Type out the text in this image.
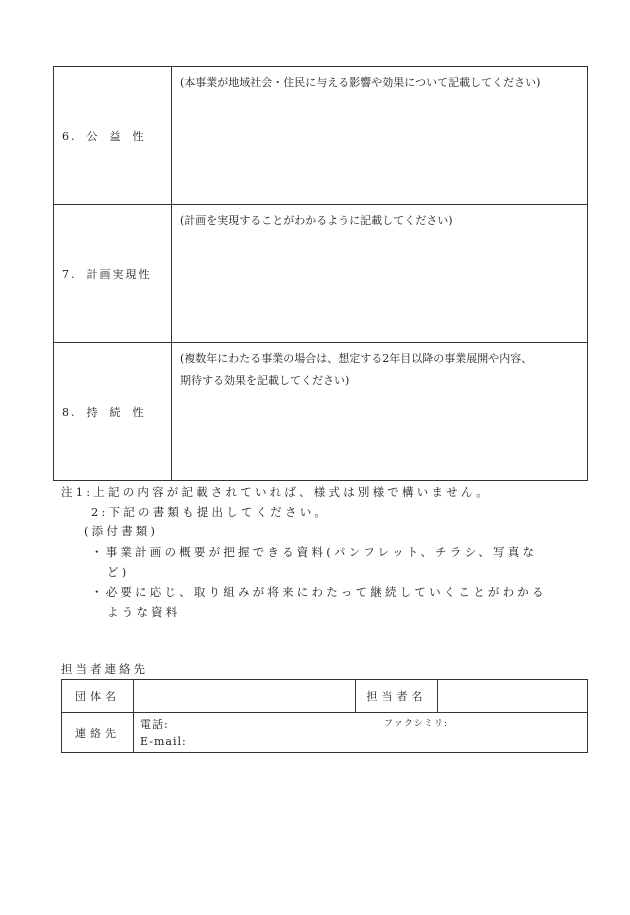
6. 公 益 性	(本事業が地域社会・住民に与える影響や効果について記載してください)

7. 計画実現性	(計画を実現することがわかるように記載してください)

8. 持 続 性	(複数年にわたる事業の場合は、想定する2年目以降の事業展開や内容、
期待する効果を記載してください)
注1:上記の内容が記載されていれば、様式は別様で構いません。
2:下記の書類も提出してください。
(添付書類)
・事業計画の概要が把握できる資料(パンフレット、チラシ、写真な
ど)
・必要に応じ、取り組みが将来にわたって継続していくことがわかる
ような資料
担当者連絡先
団体名		担当者名	
連絡先	電話: ファクシミリ:
E-mail:		
